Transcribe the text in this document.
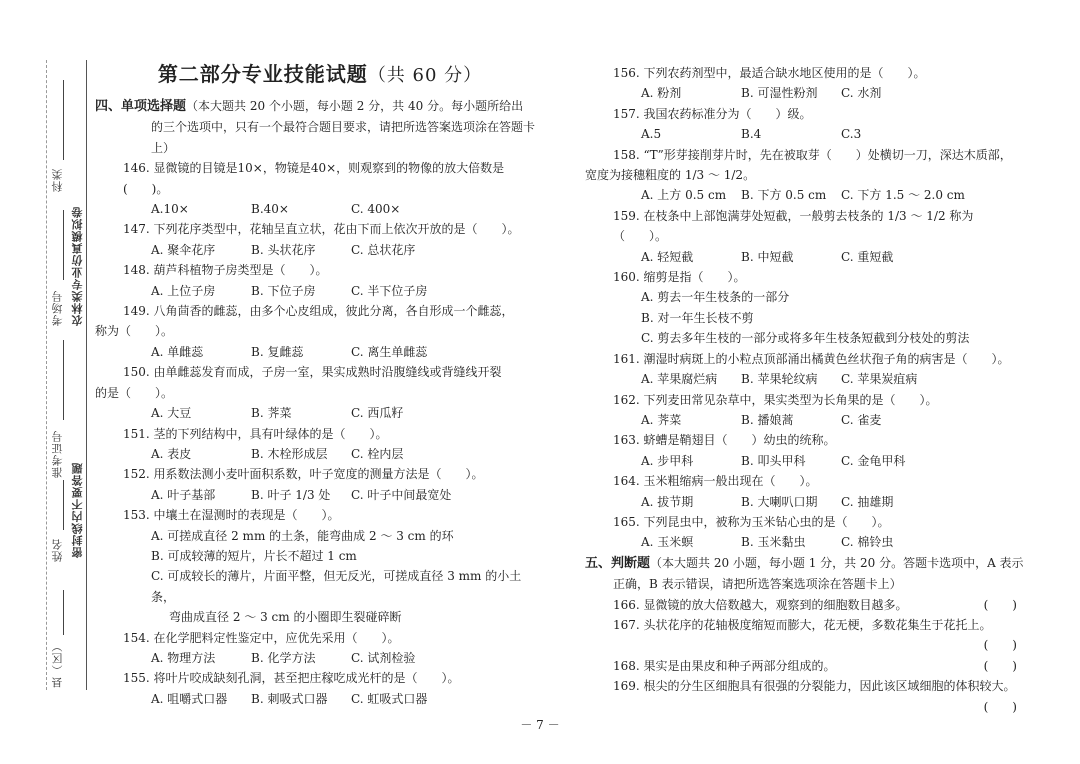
科类
考场号
准考证号
姓名
县（区）
农林类专业仿真模拟卷
密封线内不要答题
第二部分专业技能试题（共 60 分）
四、单项选择题（本大题共 20 个小题，每小题 2 分，共 40 分。每小题所给出的三个选项中，只有一个最符合题目要求，请把所选答案选项涂在答题卡上）
146. 显微镜的目镜是10×，物镜是40×，则观察到的物像的放大倍数是(　　)。
A.10×	B.40×	C. 400×
147. 下列花序类型中，花轴呈直立状，花由下而上依次开放的是（　　）。
A. 聚伞花序	B. 头状花序	C. 总状花序
148. 葫芦科植物子房类型是（　　）。
A. 上位子房	B. 下位子房	C. 半下位子房
149. 八角茴香的雌蕊，由多个心皮组成，彼此分离，各自形成一个雌蕊，
称为（　　）。
A. 单雌蕊	B. 复雌蕊	C. 离生单雌蕊
150. 由单雌蕊发育而成，子房一室，果实成熟时沿腹缝线或背缝线开裂
的是（　　）。
A. 大豆	B. 荠菜	C. 西瓜籽
151. 茎的下列结构中，具有叶绿体的是（　　）。
A. 表皮	B. 木栓形成层	C. 栓内层
152. 用系数法测小麦叶面积系数，叶子宽度的测量方法是（　　）。
A. 叶子基部	B. 叶子 1/3 处	C. 叶子中间最宽处
153. 中壤土在湿测时的表现是（　　）。
A. 可搓成直径 2 mm 的土条，能弯曲成 2 ～ 3 cm 的环
B. 可成较薄的短片，片长不超过 1 cm
C. 可成较长的薄片，片面平整，但无反光，可搓成直径 3 mm 的小土条，
弯曲成直径 2 ～ 3 cm 的小圈即生裂碰碎断
154. 在化学肥料定性鉴定中，应优先采用（　　）。
A. 物理方法	B. 化学方法	C. 试剂检验
155. 将叶片咬成缺刻孔洞，甚至把庄稼吃成光杆的是（　　）。
A. 咀嚼式口器	B. 刺吸式口器	C. 虹吸式口器
156. 下列农药剂型中，最适合缺水地区使用的是（　　）。
A. 粉剂	B. 可湿性粉剂	C. 水剂
157. 我国农药标准分为（　　）级。
A.5	B.4	C.3
158. “T”形芽接削芽片时，先在被取芽（　　）处横切一刀，深达木质部，
宽度为接穗粗度的 1/3 ～ 1/2。
A. 上方 0.5 cm	B. 下方 0.5 cm	C. 下方 1.5 ～ 2.0 cm
159. 在枝条中上部饱满芽处短截，一般剪去枝条的 1/3 ～ 1/2 称为（　　）。
A. 轻短截	B. 中短截	C. 重短截
160. 缩剪是指（　　）。
A. 剪去一年生枝条的一部分
B. 对一年生长枝不剪
C. 剪去多年生枝的一部分或将多年生枝条短截到分枝处的剪法
161. 潮湿时病斑上的小粒点顶部涌出橘黄色丝状孢子角的病害是（　　）。
A. 苹果腐烂病	B. 苹果轮纹病	C. 苹果炭疽病
162. 下列麦田常见杂草中，果实类型为长角果的是（　　）。
A. 荠菜	B. 播娘蒿	C. 雀麦
163. 蛴螬是鞘翅目（　　）幼虫的统称。
A. 步甲科	B. 叩头甲科	C. 金龟甲科
164. 玉米粗缩病一般出现在（　　）。
A. 拔节期	B. 大喇叭口期	C. 抽雄期
165. 下列昆虫中，被称为玉米钻心虫的是（　　）。
A. 玉米螟	B. 玉米黏虫	C. 棉铃虫
五、判断题（本大题共 20 小题，每小题 1 分，共 20 分。答题卡选项中，A 表示正确，B 表示错误，请把所选答案选项涂在答题卡上）
166. 显微镜的放大倍数越大，观察到的细胞数目越多。	(　　)
167. 头状花序的花轴极度缩短而膨大，花无梗，多数花集生于花托上。
(　　)
168. 果实是由果皮和种子两部分组成的。	(　　)
169. 根尖的分生区细胞具有很强的分裂能力，因此该区域细胞的体积较大。
(　　)
－ 7 －
